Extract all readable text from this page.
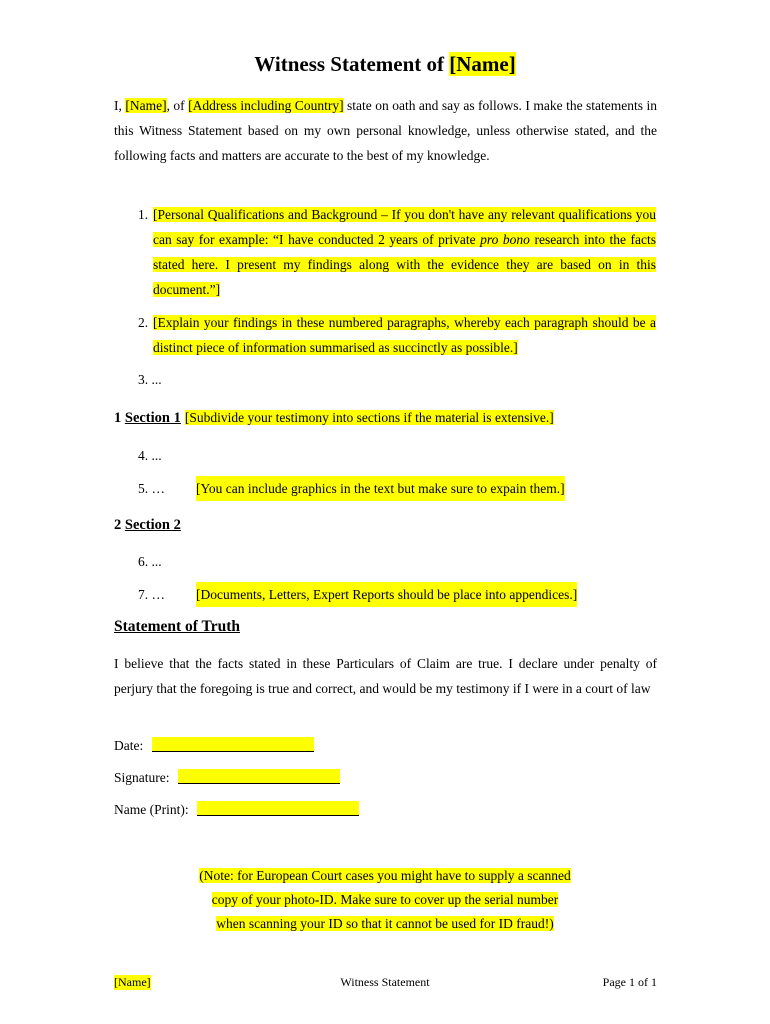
Witness Statement of [Name]
I, [Name], of [Address including Country] state on oath and say as follows. I make the statements in this Witness Statement based on my own personal knowledge, unless otherwise stated, and the following facts and matters are accurate to the best of my knowledge.
1. [Personal Qualifications and Background – If you don't have any relevant qualifications you can say for example: “I have conducted 2 years of private pro bono research into the facts stated here. I present my findings along with the evidence they are based on in this document.”]
2. [Explain your findings in these numbered paragraphs, whereby each paragraph should be a distinct piece of information summarised as succinctly as possible.]
3. ...
1 Section 1 [Subdivide your testimony into sections if the material is extensive.]
4. ...
5. … [You can include graphics in the text but make sure to expain them.]
2 Section 2
6. ...
7. … [Documents, Letters, Expert Reports should be place into appendices.]
Statement of Truth
I believe that the facts stated in these Particulars of Claim are true. I declare under penalty of perjury that the foregoing is true and correct, and would be my testimony if I were in a court of law
Date:
Signature:
Name (Print):
(Note: for European Court cases you might have to supply a scanned
copy of your photo-ID. Make sure to cover up the serial number
when scanning your ID so that it cannot be used for ID fraud!)
[Name]	Witness Statement	Page 1 of 1
